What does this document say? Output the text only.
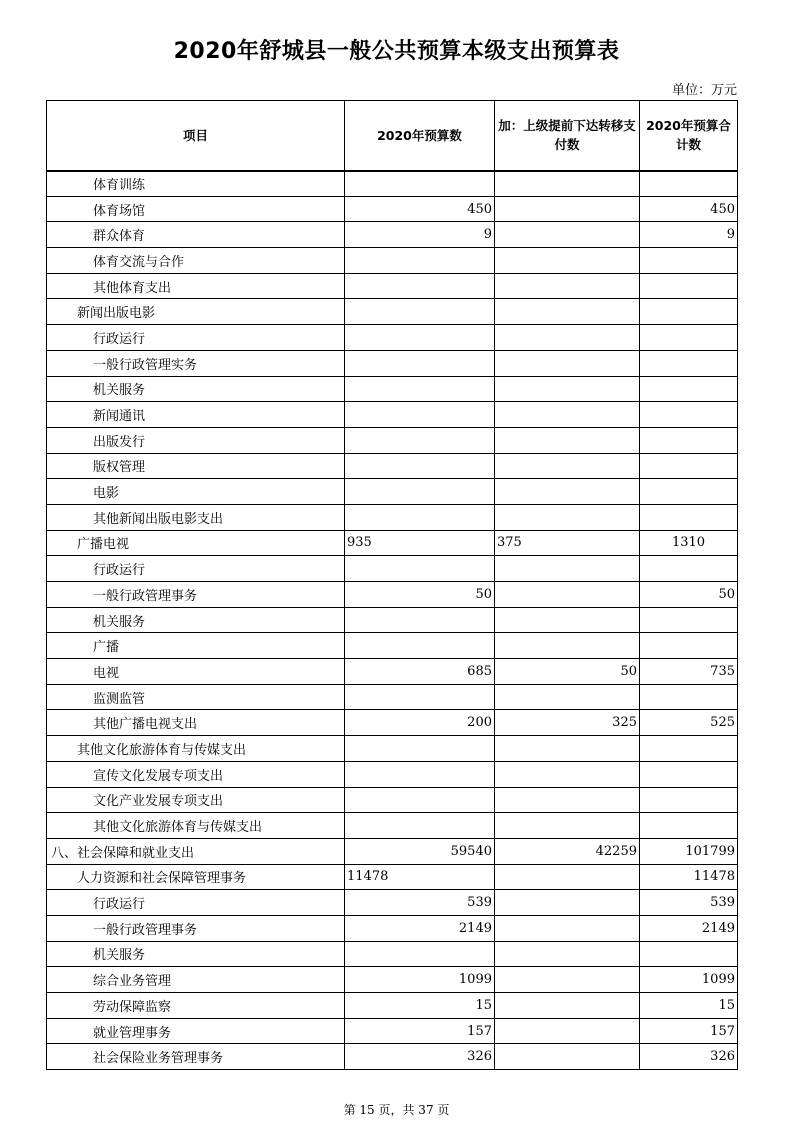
2020年舒城县一般公共预算本级支出预算表
单位：万元
项目	2020年预算数	加：上级提前下达转移支付数	2020年预算合计数
体育训练			
体育场馆	450		450
群众体育	9		9
体育交流与合作			
其他体育支出			
新闻出版电影			
行政运行			
一般行政管理实务			
机关服务			
新闻通讯			
出版发行			
版权管理			
电影			
其他新闻出版电影支出			
广播电视	935	375	1310
行政运行			
一般行政管理事务	50		50
机关服务			
广播			
电视	685	50	735
监测监管			
其他广播电视支出	200	325	525
其他文化旅游体育与传媒支出			
宣传文化发展专项支出			
文化产业发展专项支出			
其他文化旅游体育与传媒支出			
八、社会保障和就业支出	59540	42259	101799
人力资源和社会保障管理事务	11478		11478
行政运行	539		539
一般行政管理事务	2149		2149
机关服务			
综合业务管理	1099		1099
劳动保障监察	15		15
就业管理事务	157		157
社会保险业务管理事务	326		326
第 15 页，共 37 页
